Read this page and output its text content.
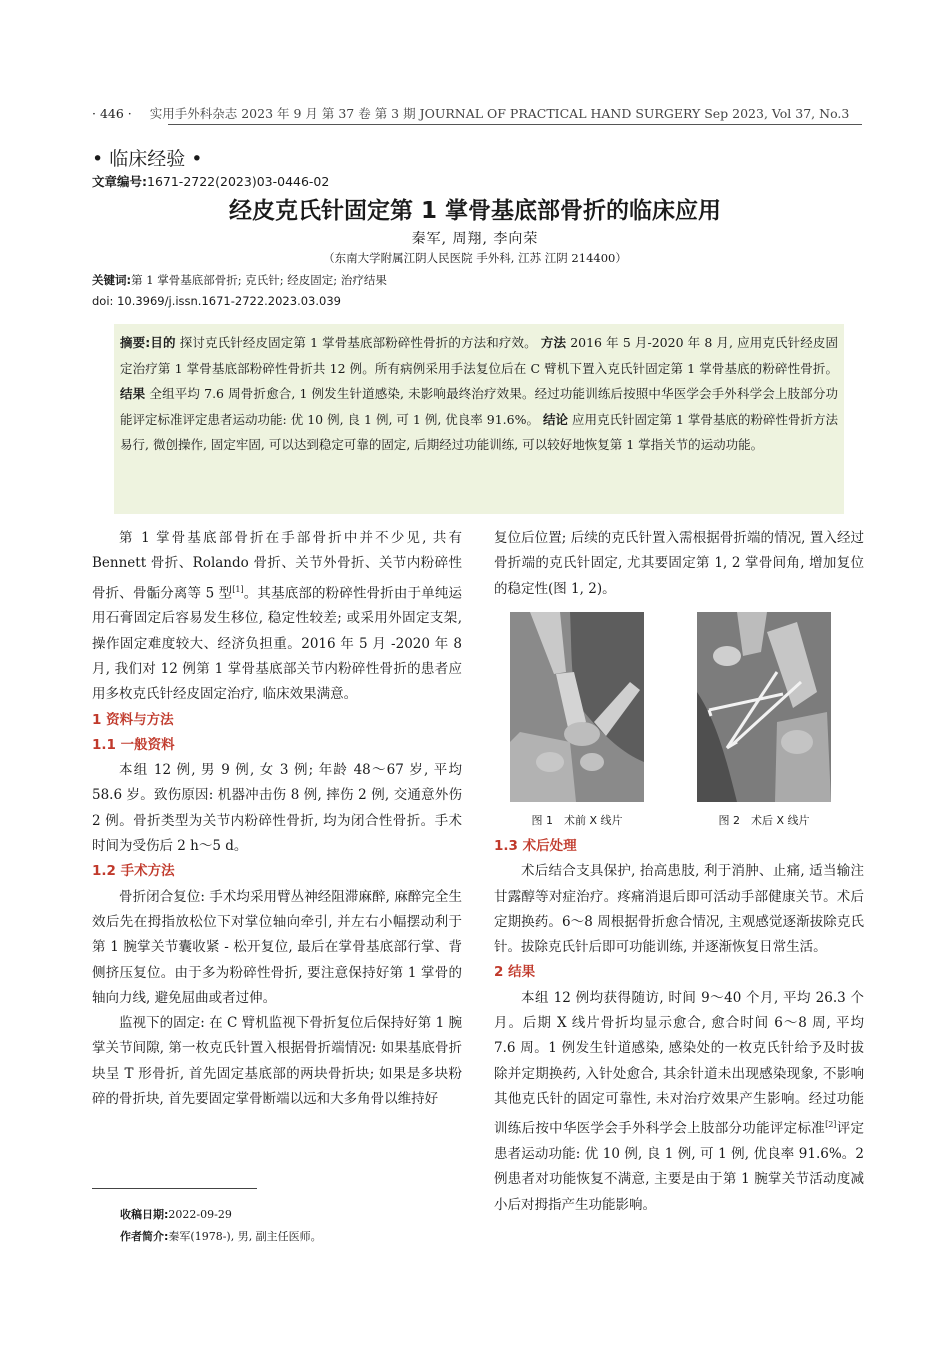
· 446 · 实用手外科杂志 2023 年 9 月 第 37 卷 第 3 期 JOURNAL OF PRACTICAL HAND SURGERY Sep 2023, Vol 37, No.3
• 临床经验 •
文章编号:1671-2722(2023)03-0446-02
经皮克氏针固定第 1 掌骨基底部骨折的临床应用
秦军, 周翔, 李向荣
（东南大学附属江阴人民医院 手外科, 江苏 江阴 214400）
关键词:第 1 掌骨基底部骨折; 克氏针; 经皮固定; 治疗结果
doi: 10.3969/j.issn.1671-2722.2023.03.039
摘要:目的 探讨克氏针经皮固定第 1 掌骨基底部粉碎性骨折的方法和疗效。 方法 2016 年 5 月-2020 年 8 月, 应用克氏针经皮固定治疗第 1 掌骨基底部粉碎性骨折共 12 例。所有病例采用手法复位后在 C 臂机下置入克氏针固定第 1 掌骨基底的粉碎性骨折。 结果 全组平均 7.6 周骨折愈合, 1 例发生针道感染, 未影响最终治疗效果。经过功能训练后按照中华医学会手外科学会上肢部分功能评定标准评定患者运动功能: 优 10 例, 良 1 例, 可 1 例, 优良率 91.6%。 结论 应用克氏针固定第 1 掌骨基底的粉碎性骨折方法易行, 微创操作, 固定牢固, 可以达到稳定可靠的固定, 后期经过功能训练, 可以较好地恢复第 1 掌指关节的运动功能。

第 1 掌骨基底部骨折在手部骨折中并不少见, 共有 Bennett 骨折、Rolando 骨折、关节外骨折、关节内粉碎性骨折、骨骺分离等 5 型[1]。其基底部的粉碎性骨折由于单纯运用石膏固定后容易发生移位, 稳定性较差; 或采用外固定支架, 操作固定难度较大、经济负担重。2016 年 5 月 -2020 年 8 月, 我们对 12 例第 1 掌骨基底部关节内粉碎性骨折的患者应用多枚克氏针经皮固定治疗, 临床效果满意。

1 资料与方法

1.1 一般资料

本组 12 例, 男 9 例, 女 3 例; 年龄 48～67 岁, 平均 58.6 岁。致伤原因: 机器冲击伤 8 例, 摔伤 2 例, 交通意外伤 2 例。骨折类型为关节内粉碎性骨折, 均为闭合性骨折。手术时间为受伤后 2 h～5 d。

1.2 手术方法

骨折闭合复位: 手术均采用臂丛神经阻滞麻醉, 麻醉完全生效后先在拇指放松位下对掌位轴向牵引, 并左右小幅摆动利于第 1 腕掌关节囊收紧 - 松开复位, 最后在掌骨基底部行掌、背侧挤压复位。由于多为粉碎性骨折, 要注意保持好第 1 掌骨的轴向力线, 避免屈曲或者过伸。

监视下的固定: 在 C 臂机监视下骨折复位后保持好第 1 腕掌关节间隙, 第一枚克氏针置入根据骨折端情况: 如果基底骨折块呈 T 形骨折, 首先固定基底部的两块骨折块; 如果是多块粉碎的骨折块, 首先要固定掌骨断端以远和大多角骨以维持好

复位后位置; 后续的克氏针置入需根据骨折端的情况, 置入经过骨折端的克氏针固定, 尤其要固定第 1, 2 掌骨间角, 增加复位的稳定性(图 1, 2)。

图 1　术前 X 线片	图 2　术后 X 线片

1.3 术后处理

术后结合支具保护, 抬高患肢, 利于消肿、止痛, 适当输注甘露醇等对症治疗。疼痛消退后即可活动手部健康关节。术后定期换药。6～8 周根据骨折愈合情况, 主观感觉逐渐拔除克氏针。拔除克氏针后即可功能训练, 并逐渐恢复日常生活。

2 结果

本组 12 例均获得随访, 时间 9～40 个月, 平均 26.3 个月。后期 X 线片骨折均显示愈合, 愈合时间 6～8 周, 平均 7.6 周。1 例发生针道感染, 感染处的一枚克氏针给予及时拔除并定期换药, 入针处愈合, 其余针道未出现感染现象, 不影响其他克氏针的固定可靠性, 未对治疗效果产生影响。经过功能训练后按中华医学会手外科学会上肢部分功能评定标准[2]评定患者运动功能: 优 10 例, 良 1 例, 可 1 例, 优良率 91.6%。2 例患者对功能恢复不满意, 主要是由于第 1 腕掌关节活动度减小后对拇指产生功能影响。

收稿日期:2022-09-29
作者简介:秦军(1978-), 男, 副主任医师。
